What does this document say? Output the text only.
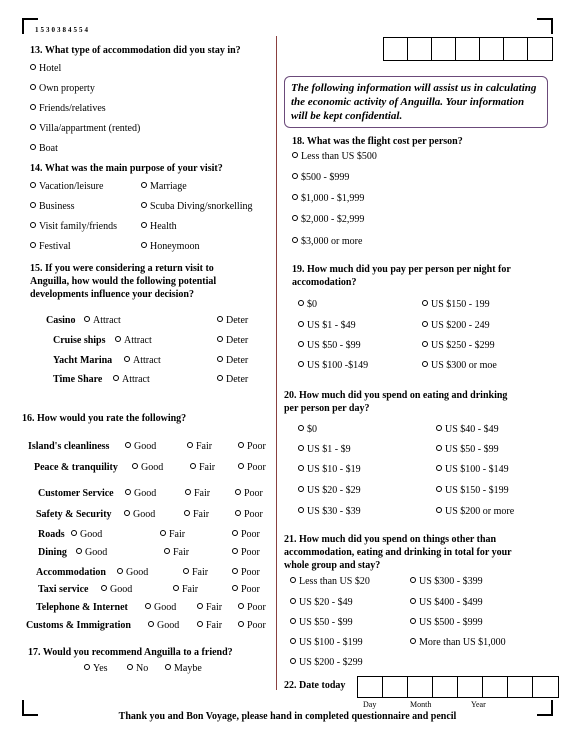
1530384554
13. What type of accommodation did you stay in?
Hotel
Own property
Friends/relatives
Villa/appartment (rented)
Boat
14. What was the main purpose of your visit?
Vacation/leisure
Business
Visit family/friends
Festival
Marriage
Scuba Diving/snorkelling
Health
Honeymoon
15. If you were considering a return visit to
Anguilla, how would the following potential
developments influence your decision?
Casino	Attract	Deter
Cruise ships	Attract	Deter
Yacht Marina	Attract	Deter
Time Share	Attract	Deter
16. How would you rate the following?
Island's cleanliness	Good	Fair	Poor
Peace & tranquility	Good	Fair	Poor
Customer Service	Good	Fair	Poor
Safety & Security	Good	Fair	Poor
Roads	Good	Fair	Poor
Dining	Good	Fair	Poor
Accommodation	Good	Fair	Poor
Taxi service	Good	Fair	Poor
Telephone & Internet	Good	Fair	Poor
Customs & Immigration	Good	Fair	Poor
17. Would you recommend Anguilla to a friend?
Yes	No	Maybe
The following information will assist us in calculating the economic activity of Anguilla. Your information will be kept confidential.
18. What was the flight cost per person?
Less than US $500
$500 - $999
$1,000 - $1,999
$2,000 - $2,999
$3,000 or more
19. How much did you pay per person per night for
accomodation?
$0
US $1 - $49
US $50 - $99
US $100 -$149
US $150 - 199
US $200 - 249
US $250 - $299
US $300 or moe
20. How much did you spend on eating and drinking
per person per day?
$0
US $1 - $9
US $10 - $19
US $20 - $29
US $30 - $39
US $40 - $49
US $50 - $99
US $100 - $149
US $150 - $199
US $200 or more
21. How much did you spend on things other than
accommodation, eating and drinking in total for your
whole group and stay?
Less than US $20
US $20 - $49
US $50 - $99
US $100 - $199
US $200 - $299
US $300 - $399
US $400 - $499
US $500 - $999
More than US $1,000
22. Date today
Day	Month	Year
Thank you and Bon Voyage, please hand in completed questionnaire and pencil
